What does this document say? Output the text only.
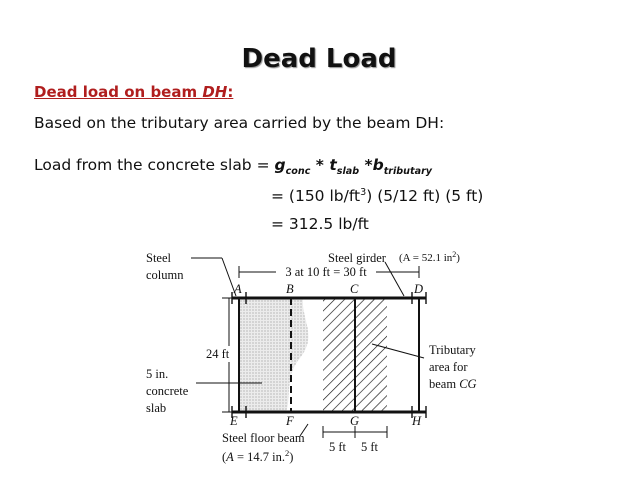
Dead Load
Dead load on beam DH:
Based on the tributary area carried by the beam DH:
Load from the concrete slab = $g_{conc} * t_{slab}$ $*b_{tributary}$
= (150 $lb/ft^3$) (5/12 ft) (5 ft)
= 312.5 lb/ft
Steel
column
Steel girder (A = 52.1 $in^2$)
3 at 10 ft = 30 ft
A	B	C	D
E	F	G	H
24 ft
5 in.
concrete
slab
Tributary
area for
beam CG
Steel floor beam
(A = 14.7 in.$^2$)
5 ft 5 ft
